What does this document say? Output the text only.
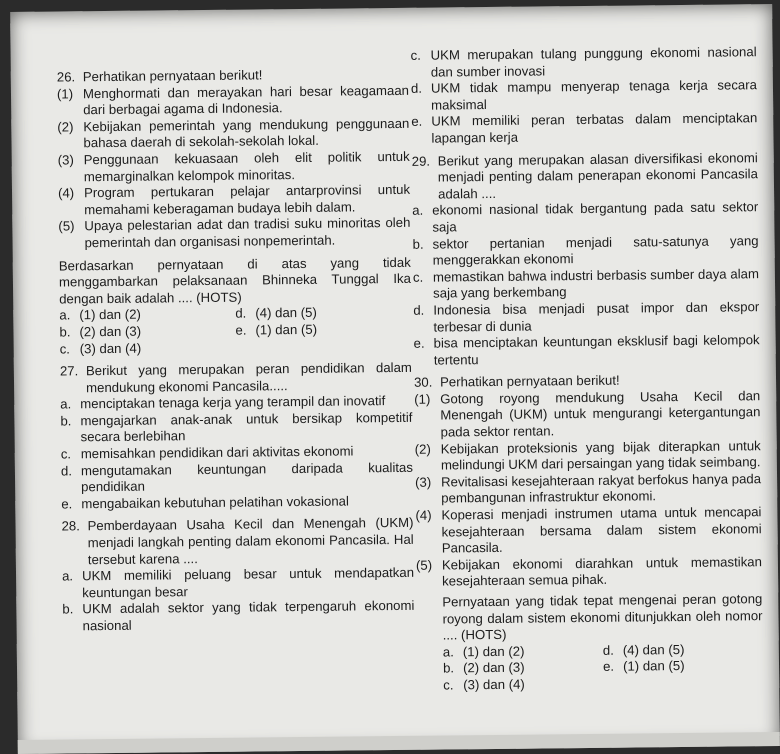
26. Perhatikan pernyataan berikut!
(1) Menghormati dan merayakan hari besar keagamaan dari berbagai agama di Indonesia.
(2) Kebijakan pemerintah yang mendukung penggunaan bahasa daerah di sekolah-sekolah lokal.
(3) Penggunaan kekuasaan oleh elit politik untuk memarginalkan kelompok minoritas.
(4) Program pertukaran pelajar antarprovinsi untuk memahami keberagaman budaya lebih dalam.
(5) Upaya pelestarian adat dan tradisi suku minoritas oleh pemerintah dan organisasi nonpemerintah.
Berdasarkan pernyataan di atas yang tidak menggambarkan pelaksanaan Bhinneka Tunggal Ika dengan baik adalah .... (HOTS)
a. (1) dan (2)	d. (4) dan (5)
b. (2) dan (3)	e. (1) dan (5)
c. (3) dan (4)
27. Berikut yang merupakan peran pendidikan dalam mendukung ekonomi Pancasila.....
a. menciptakan tenaga kerja yang terampil dan inovatif
b. mengajarkan anak-anak untuk bersikap kompetitif secara berlebihan
c. memisahkan pendidikan dari aktivitas ekonomi
d. mengutamakan keuntungan daripada kualitas pendidikan
e. mengabaikan kebutuhan pelatihan vokasional
28. Pemberdayaan Usaha Kecil dan Menengah (UKM) menjadi langkah penting dalam ekonomi Pancasila. Hal tersebut karena ....
a. UKM memiliki peluang besar untuk mendapatkan keuntungan besar
b. UKM adalah sektor yang tidak terpengaruh ekonomi nasional
c. UKM merupakan tulang punggung ekonomi nasional dan sumber inovasi
d. UKM tidak mampu menyerap tenaga kerja secara maksimal
e. UKM memiliki peran terbatas dalam menciptakan lapangan kerja
29. Berikut yang merupakan alasan diversifikasi ekonomi menjadi penting dalam penerapan ekonomi Pancasila adalah ....
a. ekonomi nasional tidak bergantung pada satu sektor saja
b. sektor pertanian menjadi satu-satunya yang menggerakkan ekonomi
c. memastikan bahwa industri berbasis sumber daya alam saja yang berkembang
d. Indonesia bisa menjadi pusat impor dan ekspor terbesar di dunia
e. bisa menciptakan keuntungan eksklusif bagi kelompok tertentu
30. Perhatikan pernyataan berikut!
(1) Gotong royong mendukung Usaha Kecil dan Menengah (UKM) untuk mengurangi ketergantungan pada sektor rentan.
(2) Kebijakan proteksionis yang bijak diterapkan untuk melindungi UKM dari persaingan yang tidak seimbang.
(3) Revitalisasi kesejahteraan rakyat berfokus hanya pada pembangunan infrastruktur ekonomi.
(4) Koperasi menjadi instrumen utama untuk mencapai kesejahteraan bersama dalam sistem ekonomi Pancasila.
(5) Kebijakan ekonomi diarahkan untuk memastikan kesejahteraan semua pihak.
Pernyataan yang tidak tepat mengenai peran gotong royong dalam sistem ekonomi ditunjukkan oleh nomor .... (HOTS)
a. (1) dan (2)	d. (4) dan (5)
b. (2) dan (3)	e. (1) dan (5)
c. (3) dan (4)
